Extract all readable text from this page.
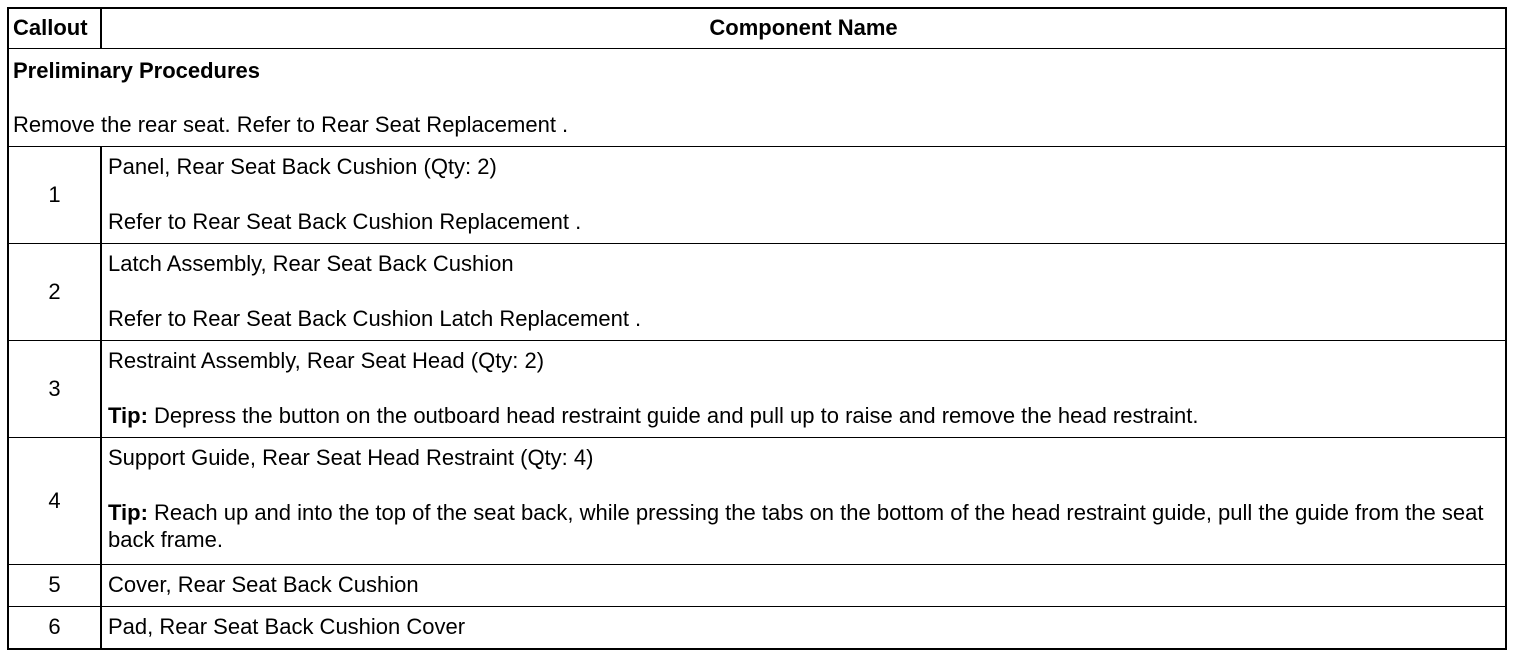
Callout	Component Name

Preliminary Procedures
Remove the rear seat. Refer to Rear Seat Replacement .	

1	Panel, Rear Seat Back Cushion (Qty: 2)
Refer to Rear Seat Back Cushion Replacement .

2	Latch Assembly, Rear Seat Back Cushion
Refer to Rear Seat Back Cushion Latch Replacement .

3	Restraint Assembly, Rear Seat Head (Qty: 2)
Tip: Depress the button on the outboard head restraint guide and pull up to raise and remove the head restraint.

4	Support Guide, Rear Seat Head Restraint (Qty: 4)
Tip: Reach up and into the top of the seat back, while pressing the tabs on the bottom of the head restraint guide, pull the guide from the seat back frame.

5	Cover, Rear Seat Back Cushion

6	Pad, Rear Seat Back Cushion Cover
